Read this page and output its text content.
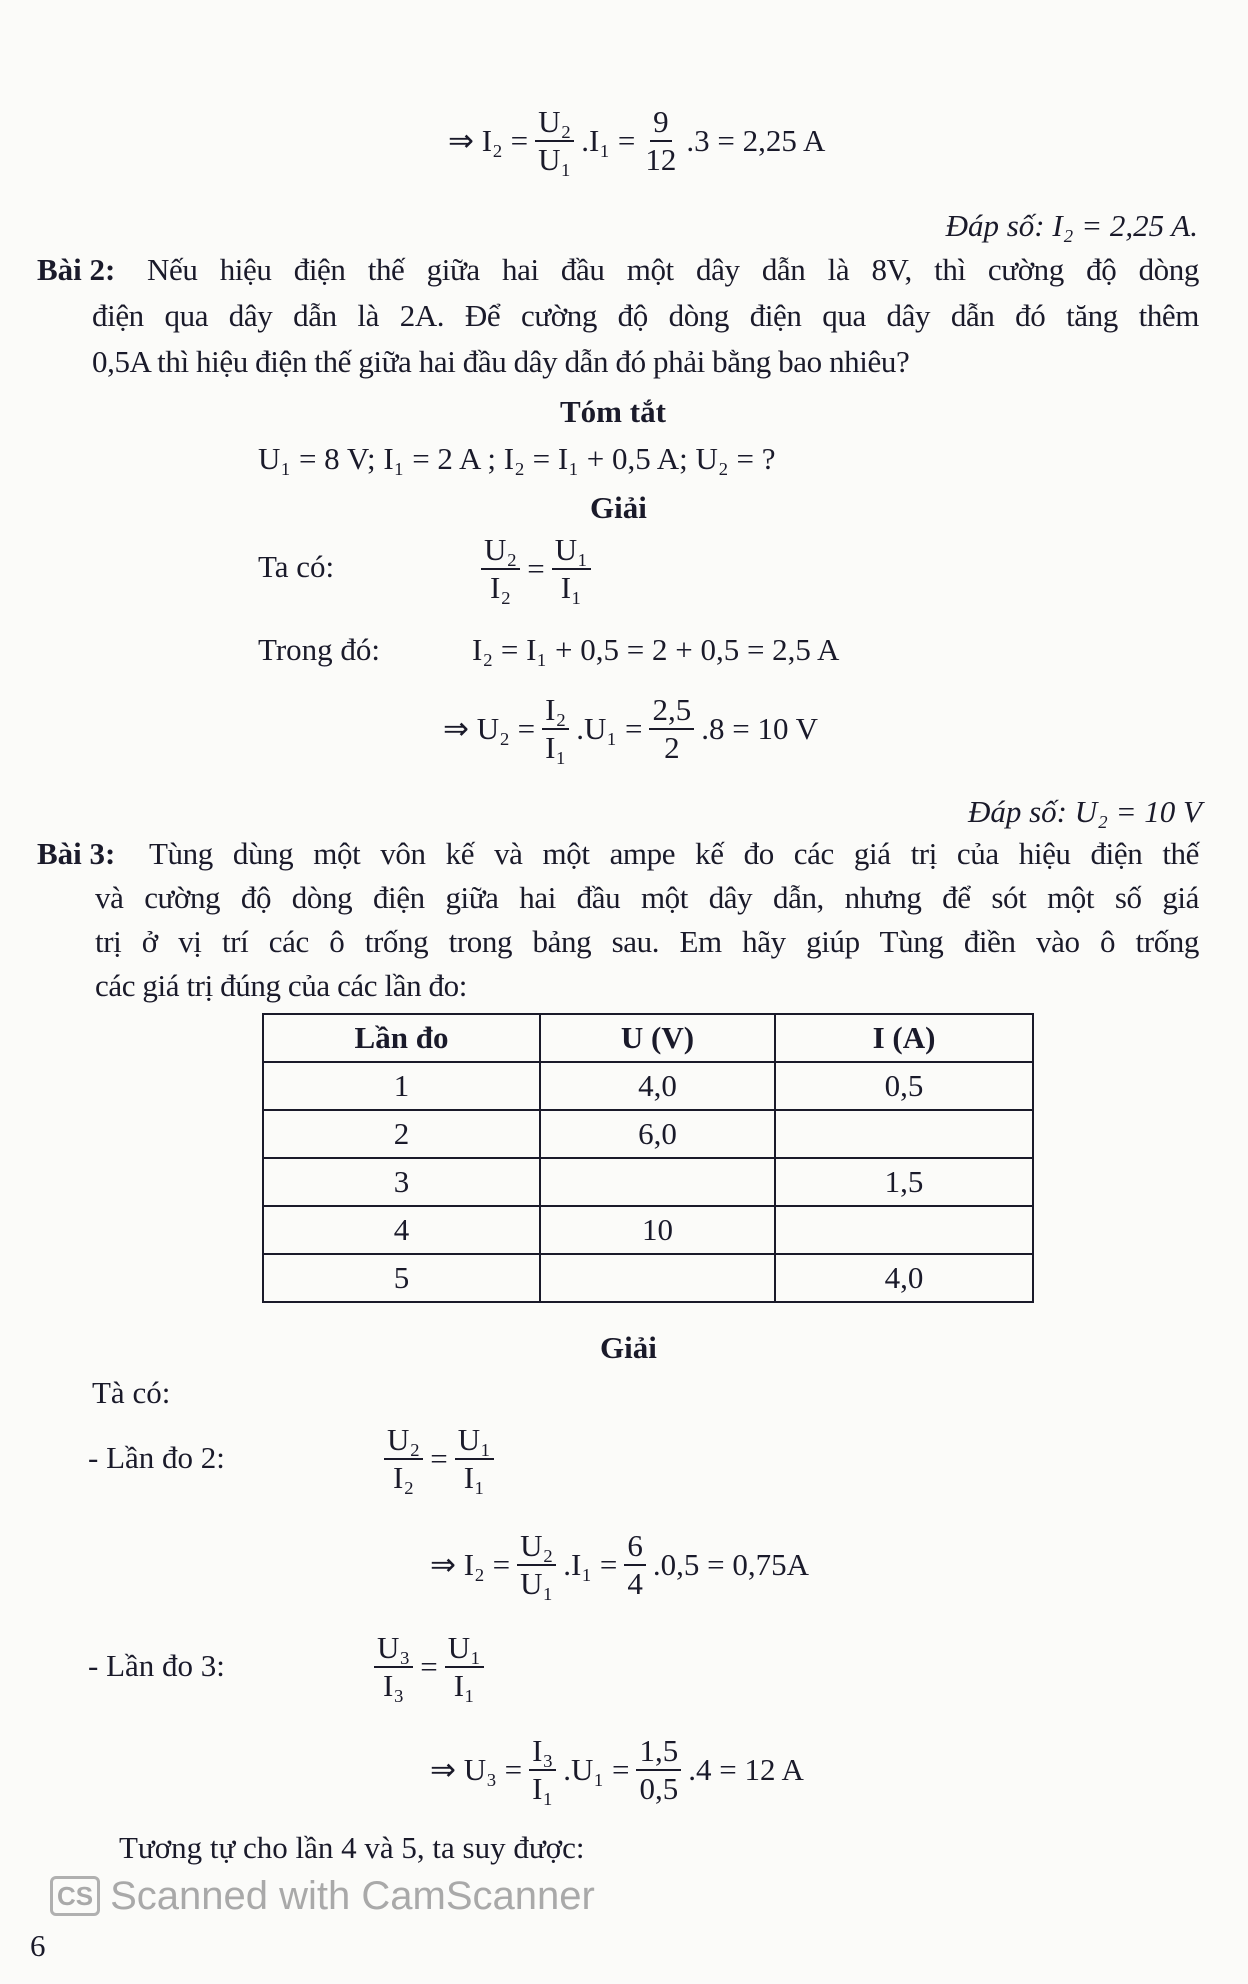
⇒ $I_2 = \frac{\text{U₂}}{\text{U₁}} .I_1 = \frac{9}{12} .3 = 2,25$ A
Đáp số: I₂ = 2,25 A.
Bài 2: Nếu hiệu điện thế giữa hai đầu một dây dẫn là 8V, thì cường độ dòng
điện qua dây dẫn là 2A. Để cường độ dòng điện qua dây dẫn đó tăng thêm
0,5A thì hiệu điện thế giữa hai đầu dây dẫn đó phải bằng bao nhiêu?
Tóm tắt
U₁ = 8 V; I₁ = 2 A ; I₂ = I₁ + 0,5 A; U₂ = ?
Giải
Ta có:	$\frac{\text{U₂}}{\text{I₂}} = \frac{\text{U₁}}{\text{I₁}}$
Trong đó:	I₂ = I₁ + 0,5 = 2 + 0,5 = 2,5 A
⇒ $U_2 = \frac{\text{I₂}}{\text{I₁}} .U_1 = \frac{2,5}{2} .8 = 10$ V
Đáp số: U₂ = 10 V
Bài 3: Tùng dùng một vôn kế và một ampe kế đo các giá trị của hiệu điện thế
và cường độ dòng điện giữa hai đầu một dây dẫn, nhưng để sót một số giá
trị ở vị trí các ô trống trong bảng sau. Em hãy giúp Tùng điền vào ô trống
các giá trị đúng của các lần đo:
Lần đo	U (V)	I (A)
1	4,0	0,5
2	6,0	
3		1,5
4	10	
5		4,0
Giải
Tà có:
- Lần đo 2:	$\frac{\text{U₂}}{\text{I₂}} = \frac{\text{U₁}}{\text{I₁}}$
⇒ $I_2 = \frac{\text{U₂}}{\text{U₁}} .I_1 = \frac{6}{4} .0,5 = 0,75A$
- Lần đo 3:	$\frac{\text{U₃}}{\text{I₃}} = \frac{\text{U₁}}{\text{I₁}}$
⇒ $U_3 = \frac{\text{I₃}}{\text{I₁}} .U_1 = \frac{1,5}{0,5} .4 = 12$ A
Tương tự cho lần 4 và 5, ta suy được:
CS Scanned with CamScanner
6
